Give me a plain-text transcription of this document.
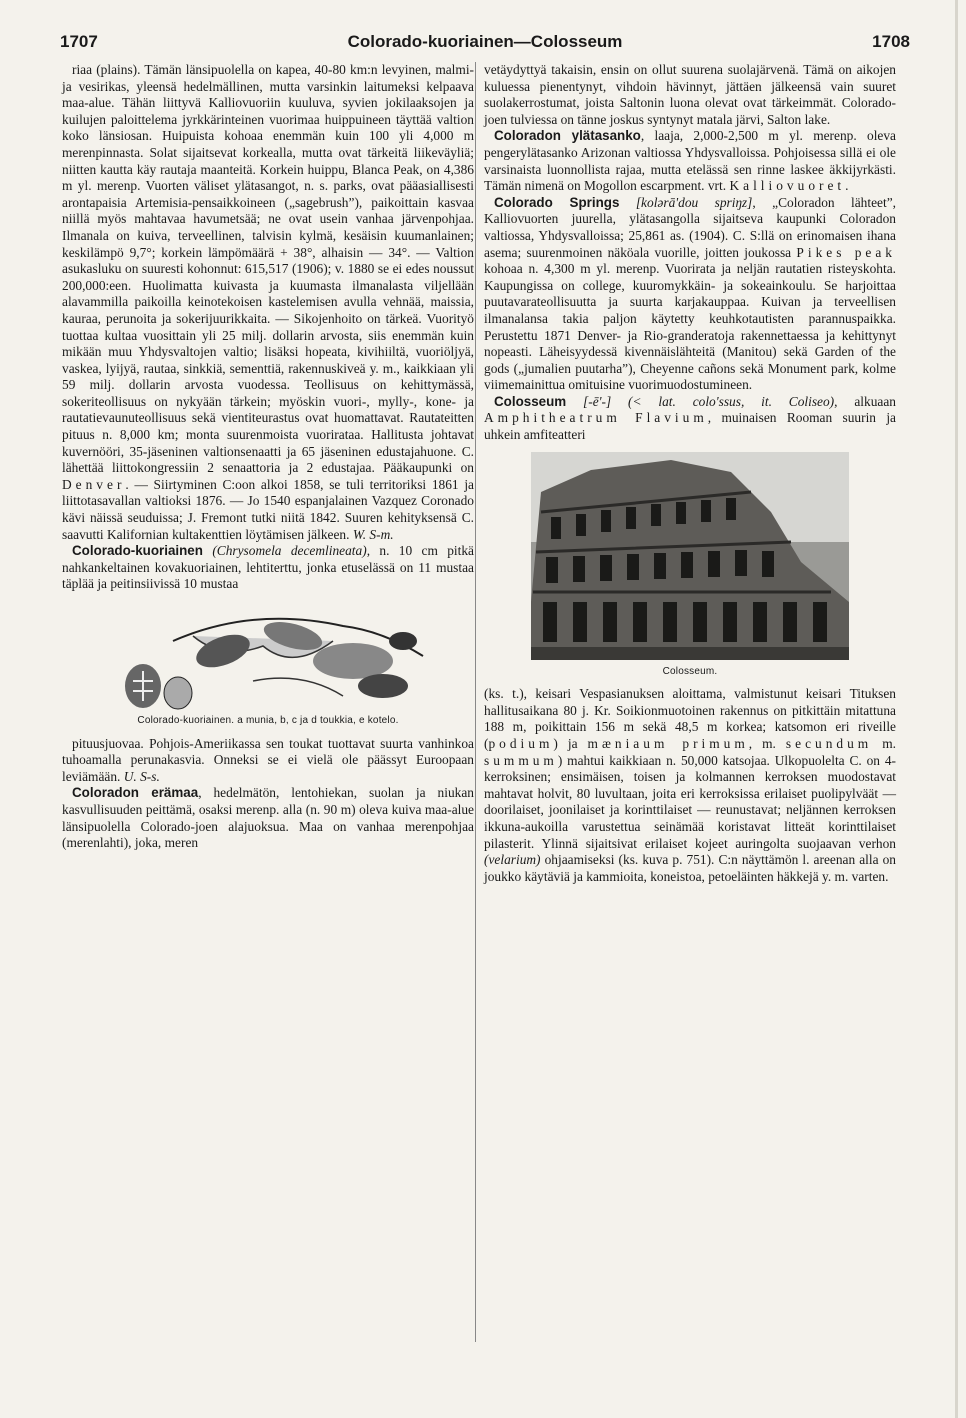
1707	Colorado-kuoriainen—Colosseum	1708

riaa (plains). Tämän länsipuolella on kapea, 40-80 km:n levyinen, malmi- ja vesirikas, yleensä hedelmällinen, mutta varsinkin laitumeksi kelpaava maa-alue. Tähän liittyvä Kalliovuoriin kuuluva, syvien jokilaaksojen ja kuilujen paloittelema jyrkkärinteinen vuorimaa huippuineen täyttää valtion koko länsiosan. Huipuista kohoaa enemmän kuin 100 yli 4,000 m merenpinnasta. Solat sijaitsevat korkealla, mutta ovat tärkeitä liikeväyliä; niitten kautta käy rautaja maanteitä. Korkein huippu, Blanca Peak, on 4,386 m yl. merenp. Vuorten väliset ylätasangot, n. s. parks, ovat pääasiallisesti arontapaisia Artemisia-pensaikkoineen („sagebrush”), paikoittain kasvaa niillä myös mahtavaa havumetsää; ne ovat usein vanhaa järvenpohjaa. Ilmanala on kuiva, terveellinen, talvisin kylmä, kesäisin kuumanlainen; keskilämpö 9,7°; korkein lämpömäärä + 38°, alhaisin — 34°. — Valtion asukasluku on suuresti kohonnut: 615,517 (1906); v. 1880 se ei edes noussut 200,000:een. Huolimatta kuivasta ja kuumasta ilmanalasta viljellään alavammilla paikoilla keinotekoisen kastelemisen avulla vehnää, maissia, kauraa, perunoita ja sokerijuurikkaita. — Sikojenhoito on tärkeä. Vuorityö tuottaa kultaa vuosittain yli 25 milj. dollarin arvosta, siis enemmän kuin mikään muu Yhdysvaltojen valtio; lisäksi hopeata, kivihiiltä, vuoriöljyä, vaskea, lyijyä, rautaa, sinkkiä, sementtiä, rakennuskiveä y. m., kaikkiaan yli 59 milj. dollarin arvosta vuodessa. Teollisuus on kehittymässä, sokeriteollisuus on nykyään tärkein; myöskin vuori-, mylly-, kone- ja rautatievaunuteollisuus sekä vientiteurastus ovat huomattavat. Rautateitten pituus n. 8,000 km; monta suurenmoista vuorirataa. Hallitusta johtavat kuvernööri, 35-jäseninen valtionsenaatti ja 65 jäseninen edustajahuone. C. lähettää liittokongressiin 2 senaattoria ja 2 edustajaa. Pääkaupunki on Denver. — Siirtyminen C:oon alkoi 1858, se tuli territoriksi 1861 ja liittotasavallan valtioksi 1876. — Jo 1540 espanjalainen Vazquez Coronado kävi näissä seuduissa; J. Fremont tutki niitä 1842. Suuren kehityksensä C. saavutti Kalifornian kultakenttien löytämisen jälkeen. W. S-m.

Colorado-kuoriainen (Chrysomela decemlineata), n. 10 cm pitkä nahkankeltainen kovakuoriainen, lehtiterttu, jonka etuselässä on 11 mustaa täplää ja peitinsiivissä 10 mustaa

Colorado-kuoriainen. a munia, b, c ja d toukkia, e kotelo.

pituusjuovaa. Pohjois-Ameriikassa sen toukat tuottavat suurta vanhinkoa tuhoamalla perunakasvia. Onneksi se ei vielä ole päässyt Euroopaan leviämään. U. S-s.

Coloradon erämaa, hedelmätön, lentohiekan, suolan ja niukan kasvullisuuden peittämä, osaksi merenp. alla (n. 90 m) oleva kuiva maa-alue länsipuolella Colorado-joen alajuoksua. Maa on vanhaa merenpohjaa (merenlahti), joka, meren

vetäydyttyä takaisin, ensin on ollut suurena suolajärvenä. Tämä on aikojen kuluessa pienentynyt, vihdoin hävinnyt, jättäen jälkeensä vain suuret suolakerrostumat, joista Saltonin luona olevat ovat tärkeimmät. Colorado-joen tulviessa on tänne joskus syntynyt matala järvi, Salton lake.

Coloradon ylätasanko, laaja, 2,000-2,500 m yl. merenp. oleva pengerylätasanko Arizonan valtiossa Yhdysvalloissa. Pohjoisessa sillä ei ole varsinaista luonnollista rajaa, mutta etelässä sen rinne laskee äkkijyrkästi. Tämän nimenä on Mogollon escarpment. vrt. Kalliovuoret.

Colorado Springs [kolərā'dou spriŋz], „Coloradon lähteet”, Kalliovuorten juurella, ylätasangolla sijaitseva kaupunki Coloradon valtiossa, Yhdysvalloissa; 25,861 as. (1904). C. S:llä on erinomaisen ihana asema; suurenmoinen näköala vuorille, joitten joukossa Pikes peak kohoaa n. 4,300 m yl. merenp. Vuorirata ja neljän rautatien risteyskohta. Kaupungissa on college, kuuromykkäin- ja sokeainkoulu. Se harjoittaa puutavarateollisuutta ja suurta karjakauppaa. Kuivan ja terveellisen ilmanalansa takia paljon käytetty keuhkotautisten parannuspaikka. Perustettu 1871 Denver- ja Rio-granderatoja rakennettaessa ja kehittynyt nopeasti. Läheisyydessä kivennäislähteitä (Manitou) sekä Garden of the gods („jumalien puutarha”), Cheyenne cañons sekä Monument park, kolme viimemainittua omituisine vuorimuodostumineen.

Colosseum [-ē'-] (< lat. colo'ssus, it. Coliseo), alkuaan Amphitheatrum Flavium, muinaisen Rooman suurin ja uhkein amfiteatteri

Colosseum.

(ks. t.), keisari Vespasianuksen aloittama, valmistunut keisari Tituksen hallitusaikana 80 j. Kr. Soikionmuotoinen rakennus on pitkittäin mitattuna 188 m, poikittain 156 m sekä 48,5 m korkea; katsomon eri riveille (podium) ja mæniaum primum, m. secundum m. summum) mahtui kaikkiaan n. 50,000 katsojaa. Ulkopuolelta C. on 4-kerroksinen; ensimäisen, toisen ja kolmannen kerroksen muodostavat mahtavat holvit, 80 luvultaan, joita eri kerroksissa erilaiset puolipylväät — doorilaiset, joonilaiset ja korinttilaiset — reunustavat; neljännen kerroksen ikkuna-aukoilla varustettua seinämää koristavat litteät korinttilaiset pilasterit. Ylinnä sijaitsivat erilaiset kojeet auringolta suojaavan verhon (velarium) ohjaamiseksi (ks. kuva p. 751). C:n näyttämön l. areenan alla on joukko käytäviä ja kammioita, koneistoa, petoeläinten häkkejä y. m. varten.
